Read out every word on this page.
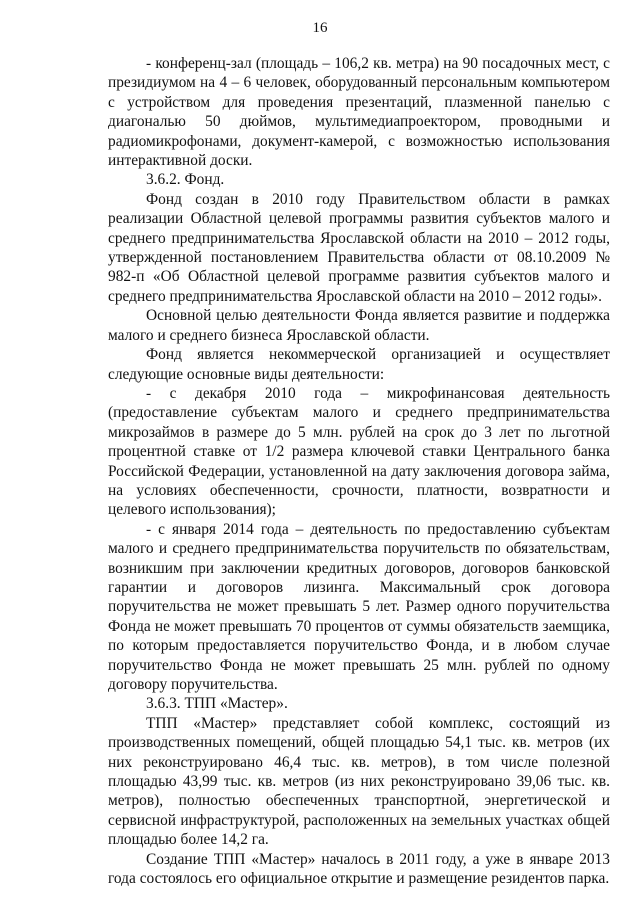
16

- конференц-зал (площадь – 106,2 кв. метра) на 90 посадочных мест, с президиумом на 4 – 6 человек, оборудованный персональным компьютером с устройством для проведения презентаций, плазменной панелью с диагональю 50 дюймов, мультимедиапроектором, проводными и радиомикрофонами, документ-камерой, с возможностью использования интерактивной доски.

3.6.2. Фонд.

Фонд создан в 2010 году Правительством области в рамках реализации Областной целевой программы развития субъектов малого и среднего предпринимательства Ярославской области на 2010 – 2012 годы, утвержденной постановлением Правительства области от 08.10.2009 № 982-п «Об Областной целевой программе развития субъектов малого и среднего предпринимательства Ярославской области на 2010 – 2012 годы».

Основной целью деятельности Фонда является развитие и поддержка малого и среднего бизнеса Ярославской области.

Фонд является некоммерческой организацией и осуществляет следующие основные виды деятельности:

- с декабря 2010 года – микрофинансовая деятельность (предоставление субъектам малого и среднего предпринимательства микрозаймов в размере до 5 млн. рублей на срок до 3 лет по льготной процентной ставке от 1/2 размера ключевой ставки Центрального банка Российской Федерации, установленной на дату заключения договора займа, на условиях обеспеченности, срочности, платности, возвратности и целевого использования);

- с января 2014 года – деятельность по предоставлению субъектам малого и среднего предпринимательства поручительств по обязательствам, возникшим при заключении кредитных договоров, договоров банковской гарантии и договоров лизинга. Максимальный срок договора поручительства не может превышать 5 лет. Размер одного поручительства Фонда не может превышать 70 процентов от суммы обязательств заемщика, по которым предоставляется поручительство Фонда, и в любом случае поручительство Фонда не может превышать 25 млн. рублей по одному договору поручительства.

3.6.3. ТПП «Мастер».

ТПП «Мастер» представляет собой комплекс, состоящий из производственных помещений, общей площадью 54,1 тыс. кв. метров (их них реконструировано 46,4 тыс. кв. метров), в том числе полезной площадью 43,99 тыс. кв. метров (из них реконструировано 39,06 тыс. кв. метров), полностью обеспеченных транспортной, энергетической и сервисной инфраструктурой, расположенных на земельных участках общей площадью более 14,2 га.

Создание ТПП «Мастер» началось в 2011 году, а уже в январе 2013 года состоялось его официальное открытие и размещение резидентов парка.
